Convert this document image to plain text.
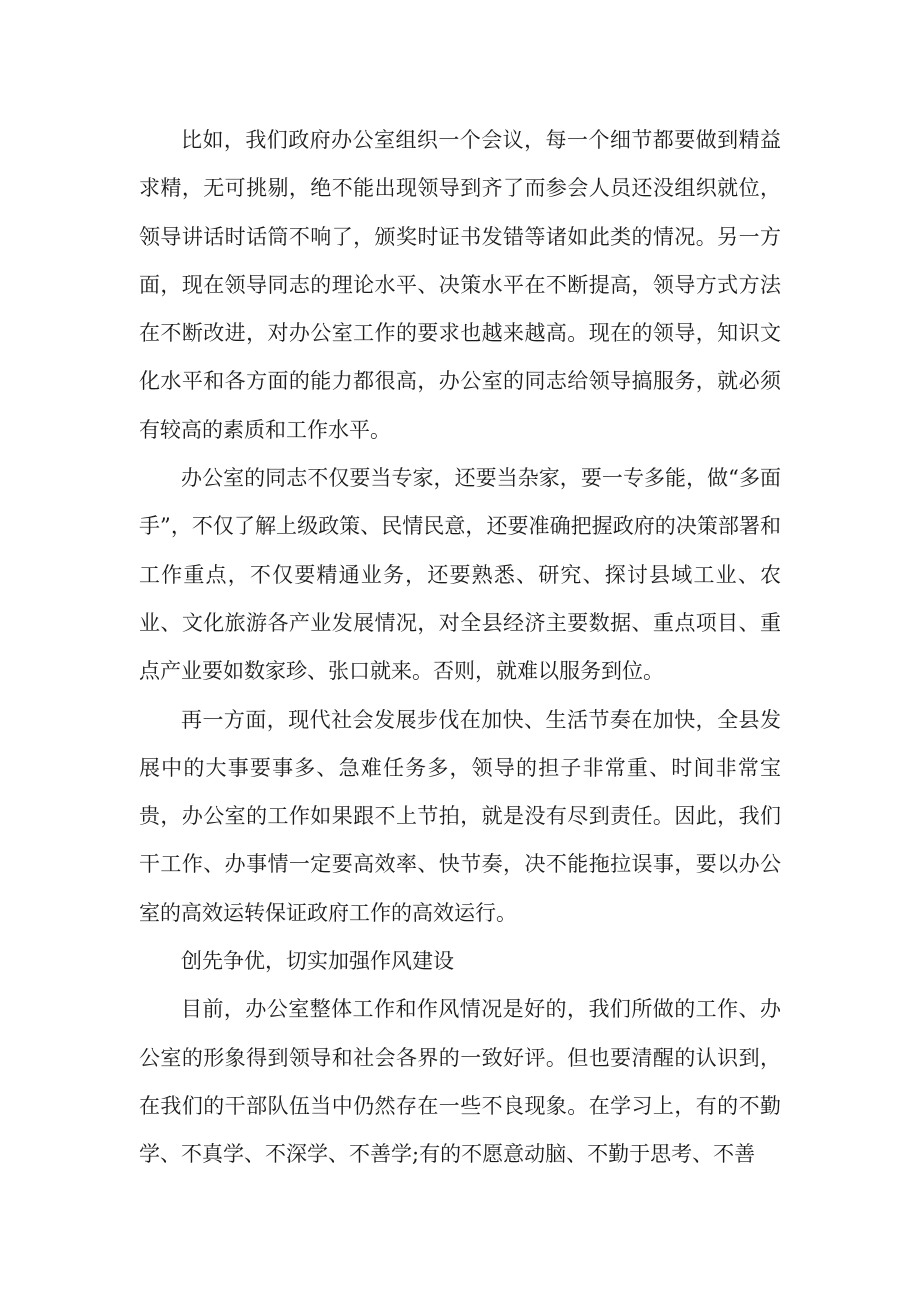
比如，我们政府办公室组织一个会议，每一个细节都要做到精益求精，无可挑剔，绝不能出现领导到齐了而参会人员还没组织就位，领导讲话时话筒不响了，颁奖时证书发错等诸如此类的情况。另一方面，现在领导同志的理论水平、决策水平在不断提高，领导方式方法在不断改进，对办公室工作的要求也越来越高。现在的领导，知识文化水平和各方面的能力都很高，办公室的同志给领导搞服务，就必须有较高的素质和工作水平。

办公室的同志不仅要当专家，还要当杂家，要一专多能，做“多面手”，不仅了解上级政策、民情民意，还要准确把握政府的决策部署和工作重点，不仅要精通业务，还要熟悉、研究、探讨县域工业、农业、文化旅游各产业发展情况，对全县经济主要数据、重点项目、重点产业要如数家珍、张口就来。否则，就难以服务到位。

再一方面，现代社会发展步伐在加快、生活节奏在加快，全县发展中的大事要事多、急难任务多，领导的担子非常重、时间非常宝贵，办公室的工作如果跟不上节拍，就是没有尽到责任。因此，我们干工作、办事情一定要高效率、快节奏，决不能拖拉误事，要以办公室的高效运转保证政府工作的高效运行。

创先争优，切实加强作风建设

目前，办公室整体工作和作风情况是好的，我们所做的工作、办公室的形象得到领导和社会各界的一致好评。但也要清醒的认识到，在我们的干部队伍当中仍然存在一些不良现象。在学习上，有的不勤学、不真学、不深学、不善学;有的不愿意动脑、不勤于思考、不善
